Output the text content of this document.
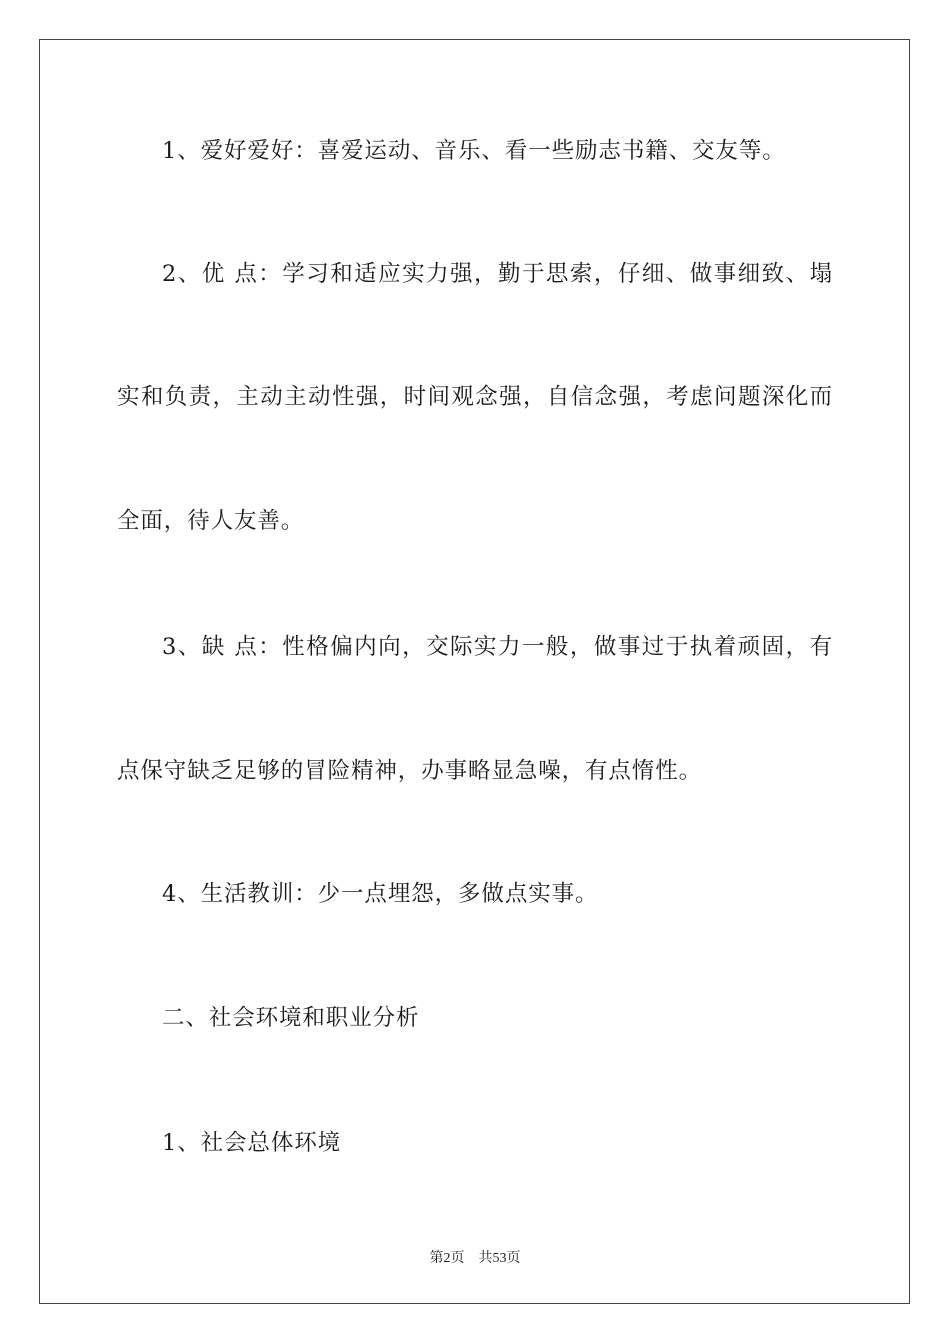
1、爱好爱好：喜爱运动、音乐、看一些励志书籍、交友等。
2、优 点：学习和适应实力强，勤于思索，仔细、做事细致、塌
实和负责，主动主动性强，时间观念强，自信念强，考虑问题深化而
全面，待人友善。
3、缺 点：性格偏内向，交际实力一般，做事过于执着顽固，有
点保守缺乏足够的冒险精神，办事略显急噪，有点惰性。
4、生活教训：少一点埋怨，多做点实事。
二、社会环境和职业分析
1、社会总体环境
第2页 共53页
